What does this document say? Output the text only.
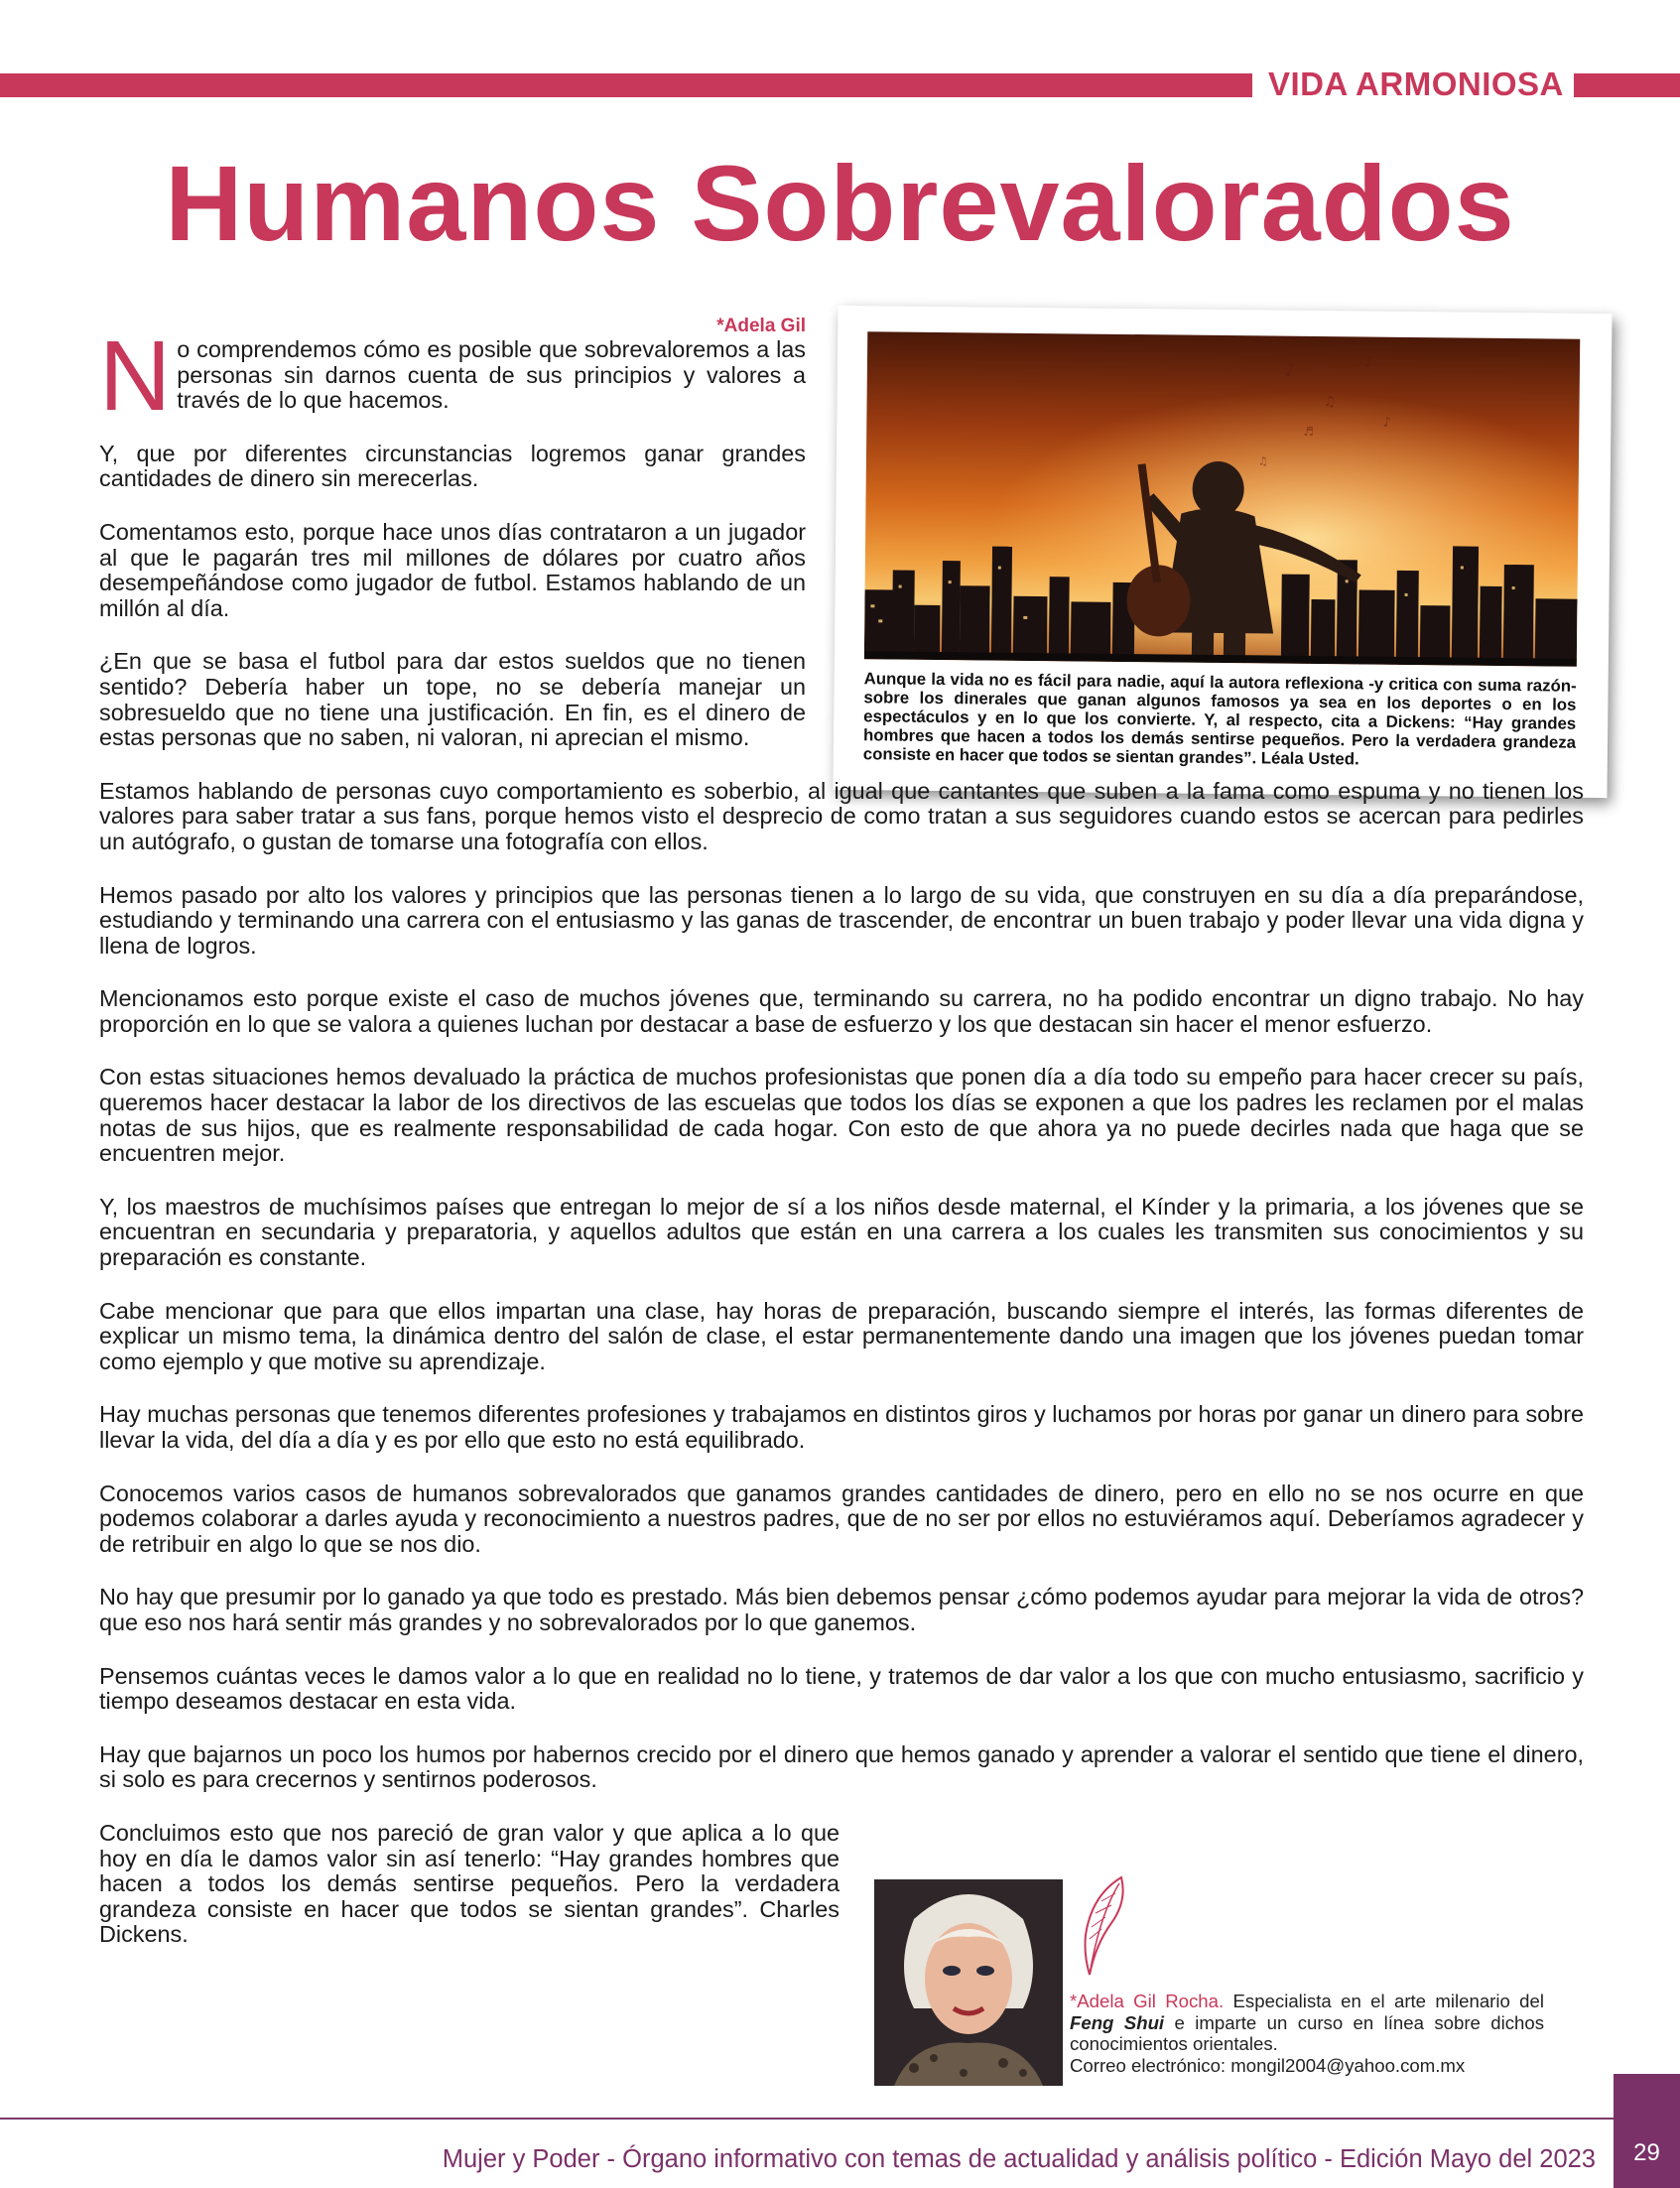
VIDA ARMONIOSA
Humanos Sobrevalorados
♪
♫
♪
♬
♪
♫
Aunque la vida no es fácil para nadie, aquí la autora reflexiona -y critica con suma razón- sobre los dinerales que ganan algunos famosos ya sea en los deportes o en los espectáculos y en lo que los convierte. Y, al respecto, cita a Dickens: “Hay grandes hombres que hacen a todos los demás sentirse pequeños. Pero la verdadera grandeza consiste en hacer que todos se sientan grandes”. Léala Usted.
*Adela Gil

No comprendemos cómo es posible que sobrevaloremos a las personas sin darnos cuenta de sus principios y valores a través de lo que hacemos.

Y, que por diferentes circunstancias logremos ganar grandes cantidades de dinero sin merecerlas.

Comentamos esto, porque hace unos días contrataron a un jugador al que le pagarán tres mil millones de dólares por cuatro años desempeñándose como jugador de futbol. Estamos hablando de un millón al día.

¿En que se basa el futbol para dar estos sueldos que no tienen sentido? Debería haber un tope, no se debería manejar un sobresueldo que no tiene una justificación. En fin, es el dinero de estas personas que no saben, ni valoran, ni aprecian el mismo.

Estamos hablando de personas cuyo comportamiento es soberbio, al igual que cantantes que suben a la fama como espuma y no tienen los valores para saber tratar a sus fans, porque hemos visto el desprecio de como tratan a sus seguidores cuando estos se acercan para pedirles un autógrafo, o gustan de tomarse una fotografía con ellos.

Hemos pasado por alto los valores y principios que las personas tienen a lo largo de su vida, que construyen en su día a día preparándose, estudiando y terminando una carrera con el entusiasmo y las ganas de trascender, de encontrar un buen trabajo y poder llevar una vida digna y llena de logros.

Mencionamos esto porque existe el caso de muchos jóvenes que, terminando su carrera, no ha podido encontrar un digno trabajo. No hay proporción en lo que se valora a quienes luchan por destacar a base de esfuerzo y los que destacan sin hacer el menor esfuerzo.

Con estas situaciones hemos devaluado la práctica de muchos profesionistas que ponen día a día todo su empeño para hacer crecer su país, queremos hacer destacar la labor de los directivos de las escuelas que todos los días se exponen a que los padres les reclamen por el malas notas de sus hijos, que es realmente responsabilidad de cada hogar. Con esto de que ahora ya no puede decirles nada que haga que se encuentren mejor.

Y, los maestros de muchísimos países que entregan lo mejor de sí a los niños desde maternal, el Kínder y la primaria, a los jóvenes que se encuentran en secundaria y preparatoria, y aquellos adultos que están en una carrera a los cuales les transmiten sus conocimientos y su preparación es constante.

Cabe mencionar que para que ellos impartan una clase, hay horas de preparación, buscando siempre el interés, las formas diferentes de explicar un mismo tema, la dinámica dentro del salón de clase, el estar permanentemente dando una imagen que los jóvenes puedan tomar como ejemplo y que motive su aprendizaje.

Hay muchas personas que tenemos diferentes profesiones y trabajamos en distintos giros y luchamos por horas por ganar un dinero para sobre llevar la vida, del día a día y es por ello que esto no está equilibrado.

Conocemos varios casos de humanos sobrevalorados que ganamos grandes cantidades de dinero, pero en ello no se nos ocurre en que podemos colaborar a darles ayuda y reconocimiento a nuestros padres, que de no ser por ellos no estuviéramos aquí. Deberíamos agradecer y de retribuir en algo lo que se nos dio.

No hay que presumir por lo ganado ya que todo es prestado. Más bien debemos pensar ¿cómo podemos ayudar para mejorar la vida de otros? que eso nos hará sentir más grandes y no sobrevalorados por lo que ganemos.

Pensemos cuántas veces le damos valor a lo que en realidad no lo tiene, y tratemos de dar valor a los que con mucho entusiasmo, sacrificio y tiempo deseamos destacar en esta vida.

Hay que bajarnos un poco los humos por habernos crecido por el dinero que hemos ganado y aprender a valorar el sentido que tiene el dinero, si solo es para crecernos y sentirnos poderosos.

Concluimos esto que nos pareció de gran valor y que aplica a lo que hoy en día le damos valor sin así tenerlo: “Hay grandes hombres que hacen a todos los demás sentirse pequeños. Pero la verdadera grandeza consiste en hacer que todos se sientan grandes”. Charles Dickens.

*Adela Gil Rocha. Especialista en el arte milenario del Feng Shui e imparte un curso en línea sobre dichos conocimientos orientales.
Correo electrónico: mongil2004@yahoo.com.mx
29
Mujer y Poder - Órgano informativo con temas de actualidad y análisis político - Edición Mayo del 2023
